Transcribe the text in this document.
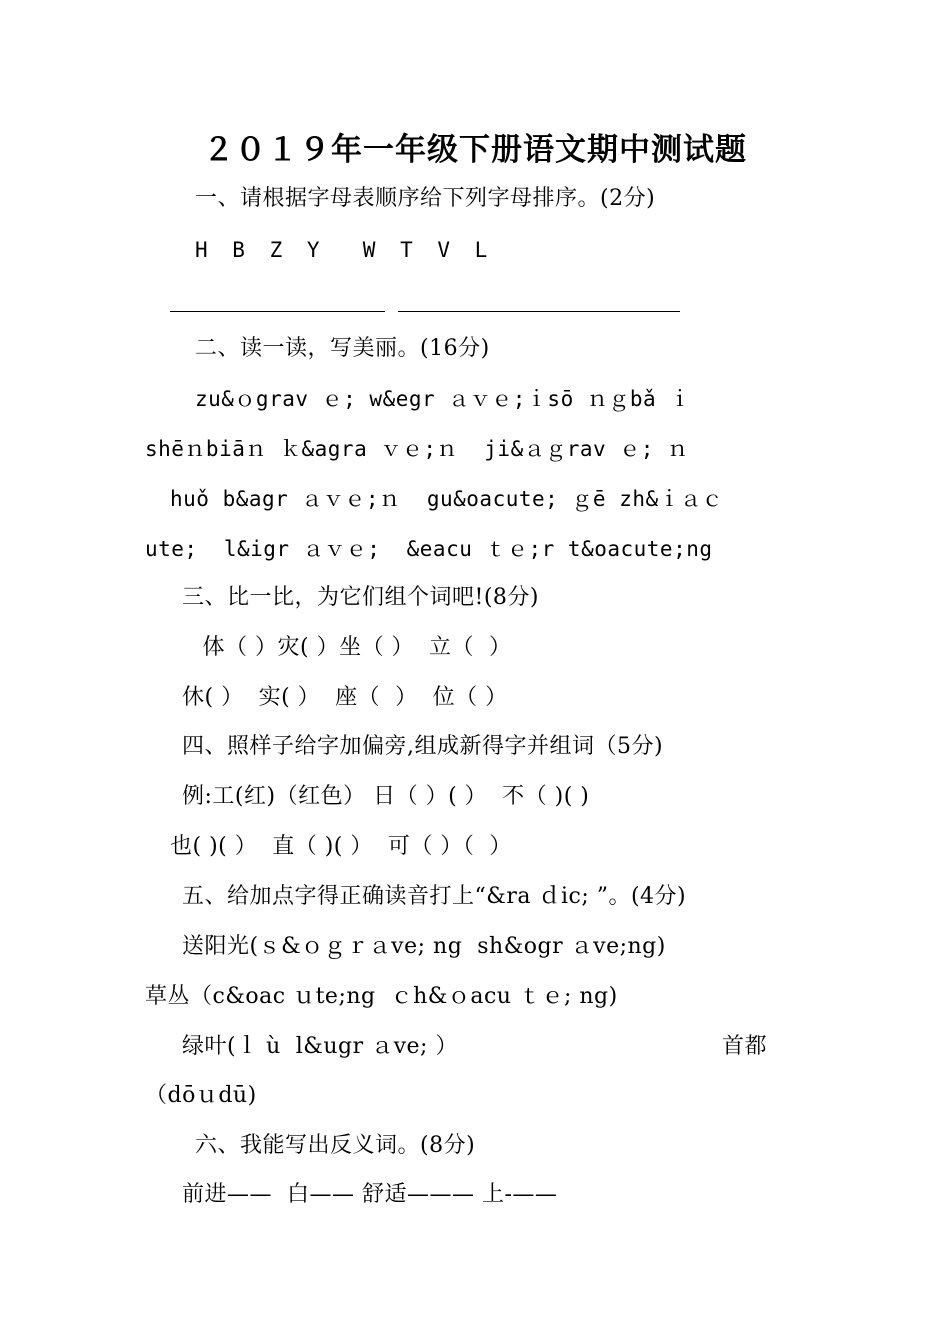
２０１９年一年级下册语文期中测试题
一、请根据字母表顺序给下列字母排序。(2分)
H B Z Y  W T V L
二、读一读，写美丽。(16分)
zu&ｏgrav ｅ; w&egr ａｖｅ;ｉsō ｎｇbǎ ｉ
shēｎbiāｎ ｋ&agra ｖｅ;ｎ  ji&ａｇrav ｅ; ｎ
huǒ b&agr ａｖｅ;ｎ  gu&oacute; ｇē zh&ｉａｃ
ute;  l&igr ａｖｅ;  &eacu ｔｅ;r t&oacute;ng
三、比一比，为它们组个词吧!(8分)
体（ ）灾( ）坐（ ）  立（  ）
休( ）  实( ）  座（  ）  位（ ）
四、照样子给字加偏旁,组成新得字并组词（5分)
例:工(红)（红色） 日（ ）( ）  不（ )( )
也( )( ）  直（ )( ）  可（ ）（  ）
五、给加点字得正确读音打上“&ra ｄic; ”。(4分)
送阳光(ｓ&ｏｇｒａve; ng  sh&ogr ａve;ng)
草丛（c&oac ｕte;ng  ｃh&ｏacu ｔｅ; ng)
绿叶(ｌ ù  l&ugr ａve; ）	首都
（dōｕdū)
六、我能写出反义词。(8分)
前进——  白—— 舒适——— 上-——
